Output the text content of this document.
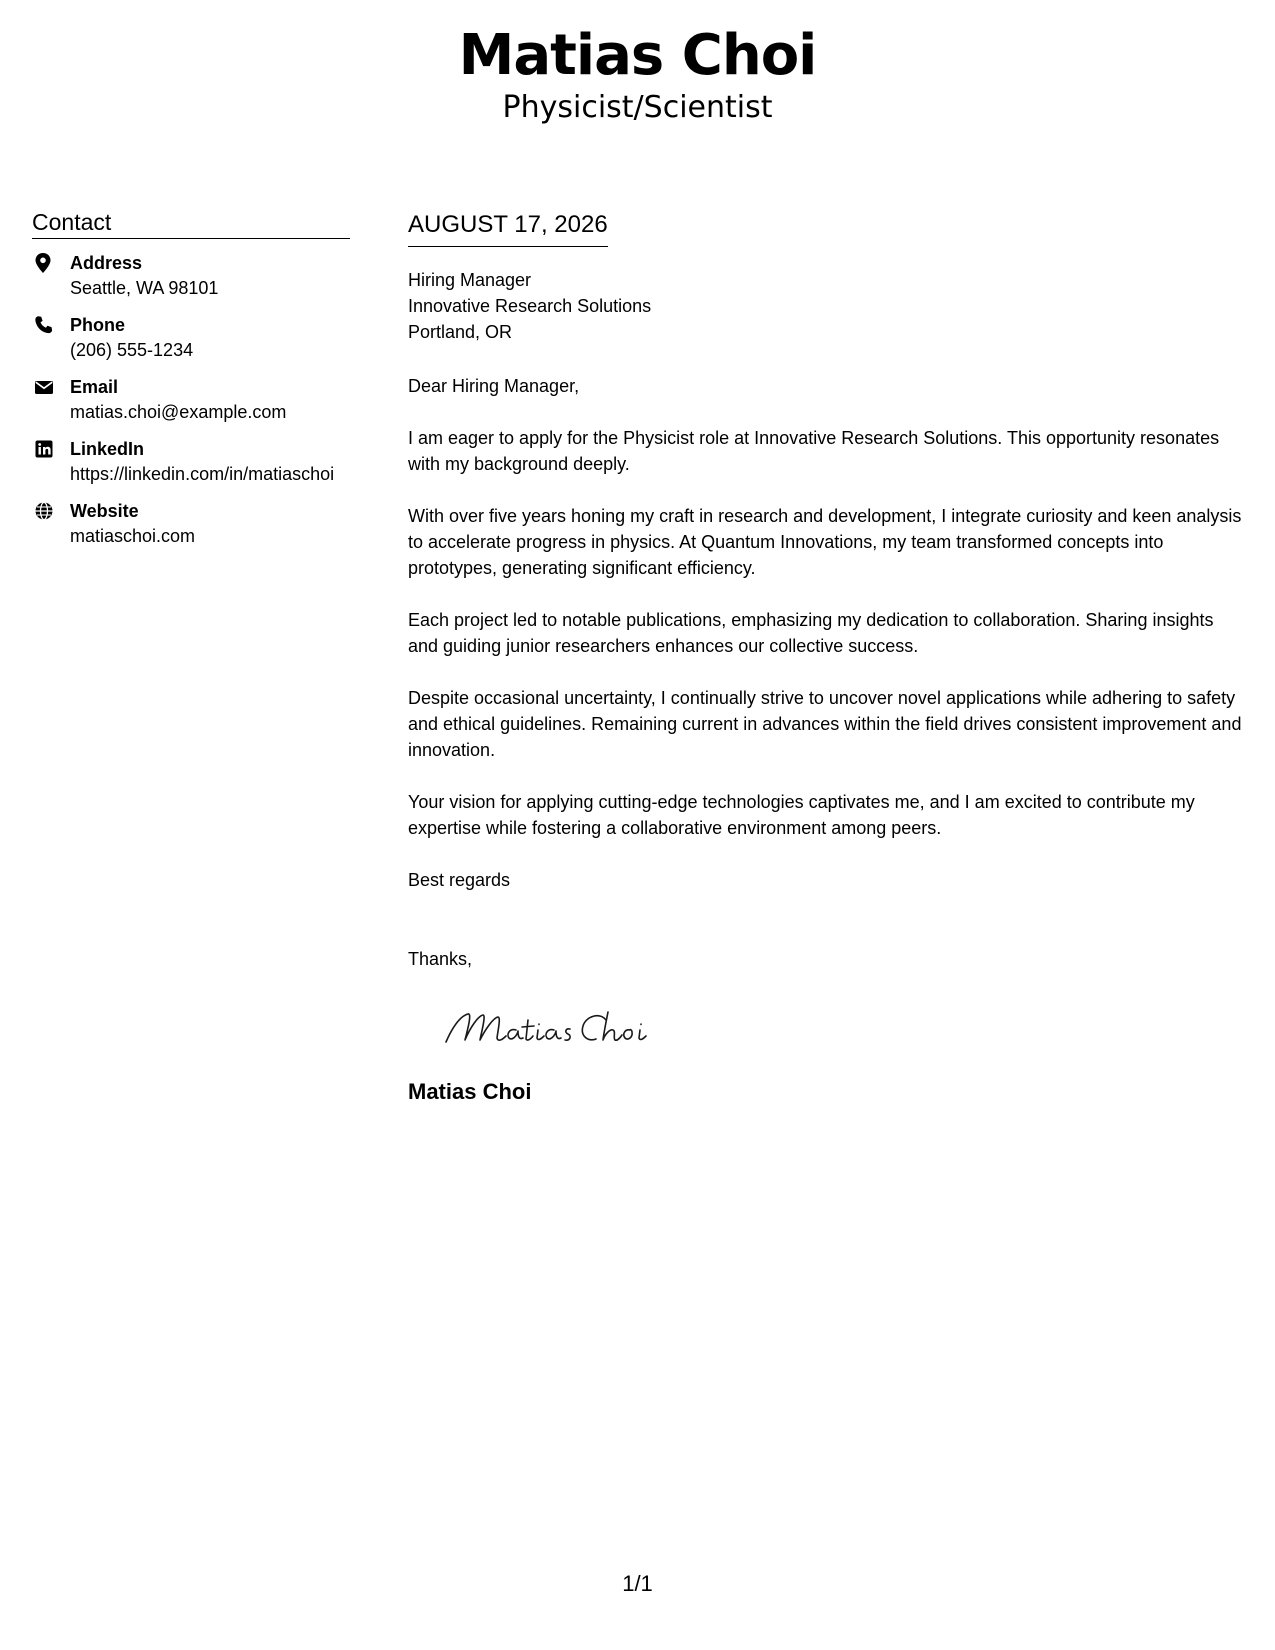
Matias Choi
Physicist/Scientist
Contact
Address
Seattle, WA 98101
Phone
(206) 555-1234
Email
matias.choi@example.com
LinkedIn
https://linkedin.com/in/matiaschoi
Website
matiaschoi.com
AUGUST 17, 2026
Hiring Manager
Innovative Research Solutions
Portland, OR
Dear Hiring Manager,
I am eager to apply for the Physicist role at Innovative Research Solutions. This opportunity resonates with my background deeply.
With over five years honing my craft in research and development, I integrate curiosity and keen analysis to accelerate progress in physics. At Quantum Innovations, my team transformed concepts into prototypes, generating significant efficiency.
Each project led to notable publications, emphasizing my dedication to collaboration. Sharing insights and guiding junior researchers enhances our collective success.
Despite occasional uncertainty, I continually strive to uncover novel applications while adhering to safety and ethical guidelines. Remaining current in advances within the field drives consistent improvement and innovation.
Your vision for applying cutting-edge technologies captivates me, and I am excited to contribute my expertise while fostering a collaborative environment among peers.
Best regards
Thanks,
Matias Choi
1/1
